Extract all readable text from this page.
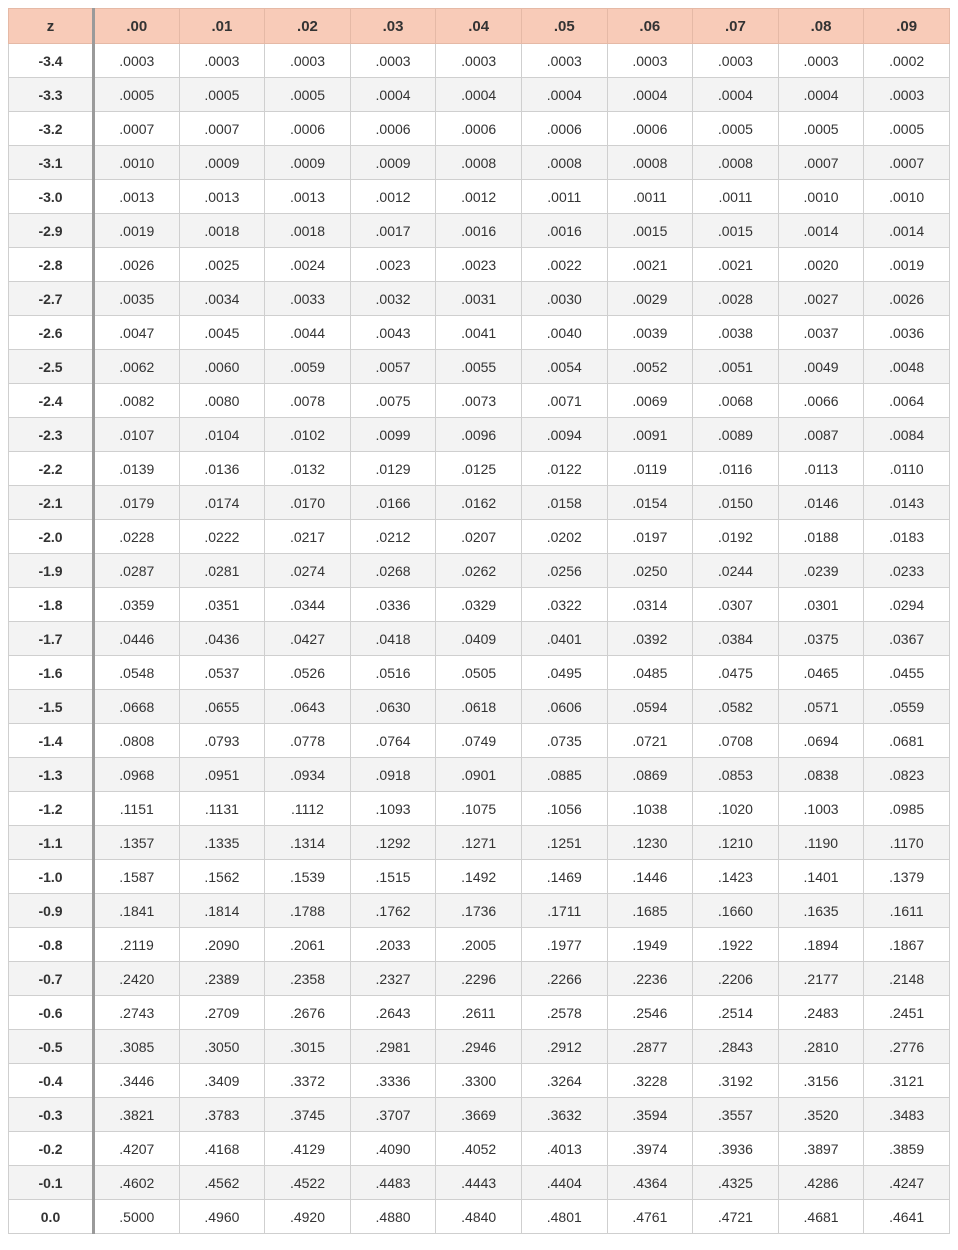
z	.00	.01	.02	.03	.04	.05	.06	.07	.08	.09
-3.4	.0003	.0003	.0003	.0003	.0003	.0003	.0003	.0003	.0003	.0002
-3.3	.0005	.0005	.0005	.0004	.0004	.0004	.0004	.0004	.0004	.0003
-3.2	.0007	.0007	.0006	.0006	.0006	.0006	.0006	.0005	.0005	.0005
-3.1	.0010	.0009	.0009	.0009	.0008	.0008	.0008	.0008	.0007	.0007
-3.0	.0013	.0013	.0013	.0012	.0012	.0011	.0011	.0011	.0010	.0010
-2.9	.0019	.0018	.0018	.0017	.0016	.0016	.0015	.0015	.0014	.0014
-2.8	.0026	.0025	.0024	.0023	.0023	.0022	.0021	.0021	.0020	.0019
-2.7	.0035	.0034	.0033	.0032	.0031	.0030	.0029	.0028	.0027	.0026
-2.6	.0047	.0045	.0044	.0043	.0041	.0040	.0039	.0038	.0037	.0036
-2.5	.0062	.0060	.0059	.0057	.0055	.0054	.0052	.0051	.0049	.0048
-2.4	.0082	.0080	.0078	.0075	.0073	.0071	.0069	.0068	.0066	.0064
-2.3	.0107	.0104	.0102	.0099	.0096	.0094	.0091	.0089	.0087	.0084
-2.2	.0139	.0136	.0132	.0129	.0125	.0122	.0119	.0116	.0113	.0110
-2.1	.0179	.0174	.0170	.0166	.0162	.0158	.0154	.0150	.0146	.0143
-2.0	.0228	.0222	.0217	.0212	.0207	.0202	.0197	.0192	.0188	.0183
-1.9	.0287	.0281	.0274	.0268	.0262	.0256	.0250	.0244	.0239	.0233
-1.8	.0359	.0351	.0344	.0336	.0329	.0322	.0314	.0307	.0301	.0294
-1.7	.0446	.0436	.0427	.0418	.0409	.0401	.0392	.0384	.0375	.0367
-1.6	.0548	.0537	.0526	.0516	.0505	.0495	.0485	.0475	.0465	.0455
-1.5	.0668	.0655	.0643	.0630	.0618	.0606	.0594	.0582	.0571	.0559
-1.4	.0808	.0793	.0778	.0764	.0749	.0735	.0721	.0708	.0694	.0681
-1.3	.0968	.0951	.0934	.0918	.0901	.0885	.0869	.0853	.0838	.0823
-1.2	.1151	.1131	.1112	.1093	.1075	.1056	.1038	.1020	.1003	.0985
-1.1	.1357	.1335	.1314	.1292	.1271	.1251	.1230	.1210	.1190	.1170
-1.0	.1587	.1562	.1539	.1515	.1492	.1469	.1446	.1423	.1401	.1379
-0.9	.1841	.1814	.1788	.1762	.1736	.1711	.1685	.1660	.1635	.1611
-0.8	.2119	.2090	.2061	.2033	.2005	.1977	.1949	.1922	.1894	.1867
-0.7	.2420	.2389	.2358	.2327	.2296	.2266	.2236	.2206	.2177	.2148
-0.6	.2743	.2709	.2676	.2643	.2611	.2578	.2546	.2514	.2483	.2451
-0.5	.3085	.3050	.3015	.2981	.2946	.2912	.2877	.2843	.2810	.2776
-0.4	.3446	.3409	.3372	.3336	.3300	.3264	.3228	.3192	.3156	.3121
-0.3	.3821	.3783	.3745	.3707	.3669	.3632	.3594	.3557	.3520	.3483
-0.2	.4207	.4168	.4129	.4090	.4052	.4013	.3974	.3936	.3897	.3859
-0.1	.4602	.4562	.4522	.4483	.4443	.4404	.4364	.4325	.4286	.4247
0.0	.5000	.4960	.4920	.4880	.4840	.4801	.4761	.4721	.4681	.4641
